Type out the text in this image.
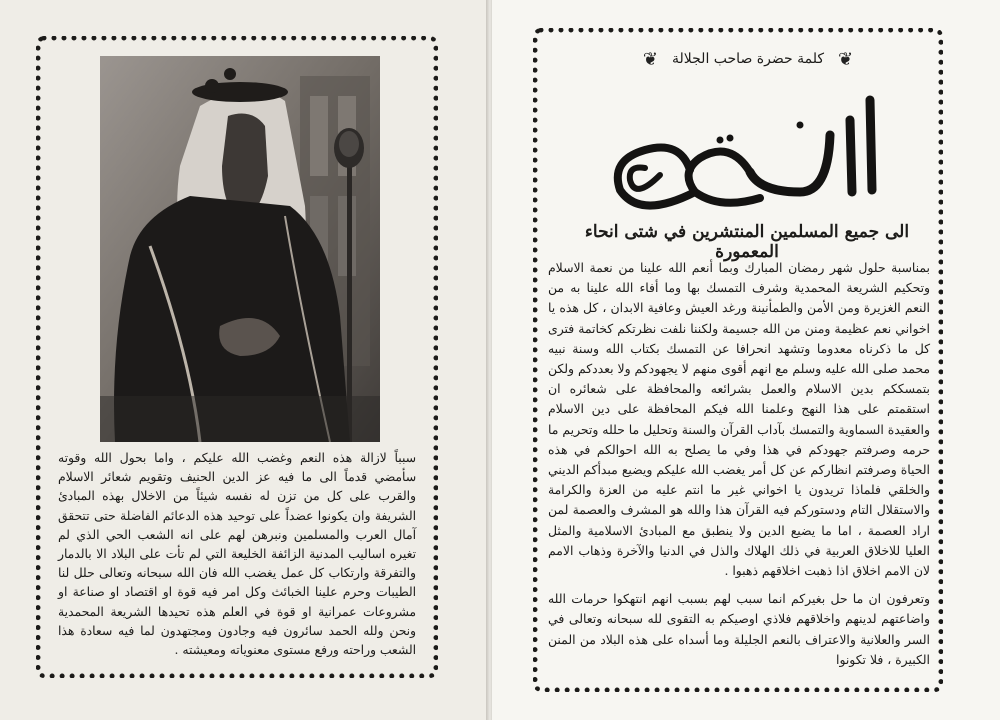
سبباً لازالة هذه النعم وغضب الله عليكم ، واما بحول الله وقوته سأمضي قدماً الى ما فيه عز الدين الحنيف وتقويم شعائر الاسلام والقرب على كل من تزن له نفسه شيئاً من الاخلال بهذه المبادئ الشريفة وان يكونوا عضداً على توحيد هذه الدعائم الفاضلة حتى تتحقق آمال العرب والمسلمين ونبرهن لهم على انه الشعب الحي الذي لم تغيره اساليب المدنية الزائفة الخليعة التي لم تأت على البلاد الا بالدمار والتفرقة وارتكاب كل عمل يغضب الله فان الله سبحانه وتعالى حلل لنا الطيبات وحرم علينا الخبائث وكل امر فيه قوة او اقتصاد او صناعة او مشروعات عمرانية او قوة في العلم هذه تحيدها الشريعة المحمدية ونحن ولله الحمد سائرون فيه وجادون ومجتهدون لما فيه سعادة هذا الشعب وراحته ورفع مستوى معنوياته ومعيشته .
❦
كلمة حضرة صاحب الجلالة
❦
الملك سعود
الى جميع المسلمين المنتشرين في شتى انحاء المعمورة

بمناسبة حلول شهر رمضان المبارك وبما أنعم الله علينا من نعمة الاسلام وتحكيم الشريعة المحمدية وشرف التمسك بها وما أفاء الله علينا به من النعم الغزيرة ومن الأمن والطمأنينة ورغد العيش وعافية الابدان ، كل هذه يا اخواني نعم عظيمة ومنن من الله جسيمة ولكننا نلفت نظرتكم كخاتمة فترى كل ما ذكرناه معدوما وتشهد انحرافا عن التمسك بكتاب الله وسنة نبيه محمد صلى الله عليه وسلم مع انهم أقوى منهم لا يجهودكم ولا بعددكم ولكن بتمسككم بدين الاسلام والعمل بشرائعه والمحافظة على شعائره ان استقمتم على هذا النهج وعلمنا الله فيكم المحافظة على دين الاسلام والعقيدة السماوية والتمسك بآداب القرآن والسنة وتحليل ما حلله وتحريم ما حرمه وصرفتم جهودكم في هذا وفي ما يصلح به الله احوالكم في هذه الحياة وصرفتم انظاركم عن كل أمر يغضب الله عليكم ويضيع مبدأكم الديني والخلقي فلماذا تريدون يا اخواني غير ما انتم عليه من العزة والكرامة والاستقلال التام ودستوركم فيه القرآن هذا والله هو المشرف والعصمة لمن اراد العصمة ، اما ما يضيع الدين ولا ينطبق مع المبادئ الاسلامية والمثل العليا للاخلاق العربية في ذلك الهلاك والذل في الدنيا والآخرة وذهاب الامم لان الامم اخلاق اذا ذهبت اخلاقهم ذهبوا .

وتعرفون ان ما حل بغيركم انما سبب لهم بسبب انهم انتهكوا حرمات الله واضاعتهم لدينهم واخلاقهم فلاذي اوصيكم به التقوى لله سبحانه وتعالى في السر والعلانية والاعتراف بالنعم الجليلة وما أسداه على هذه البلاد من المنن الكبيرة ، فلا تكونوا
